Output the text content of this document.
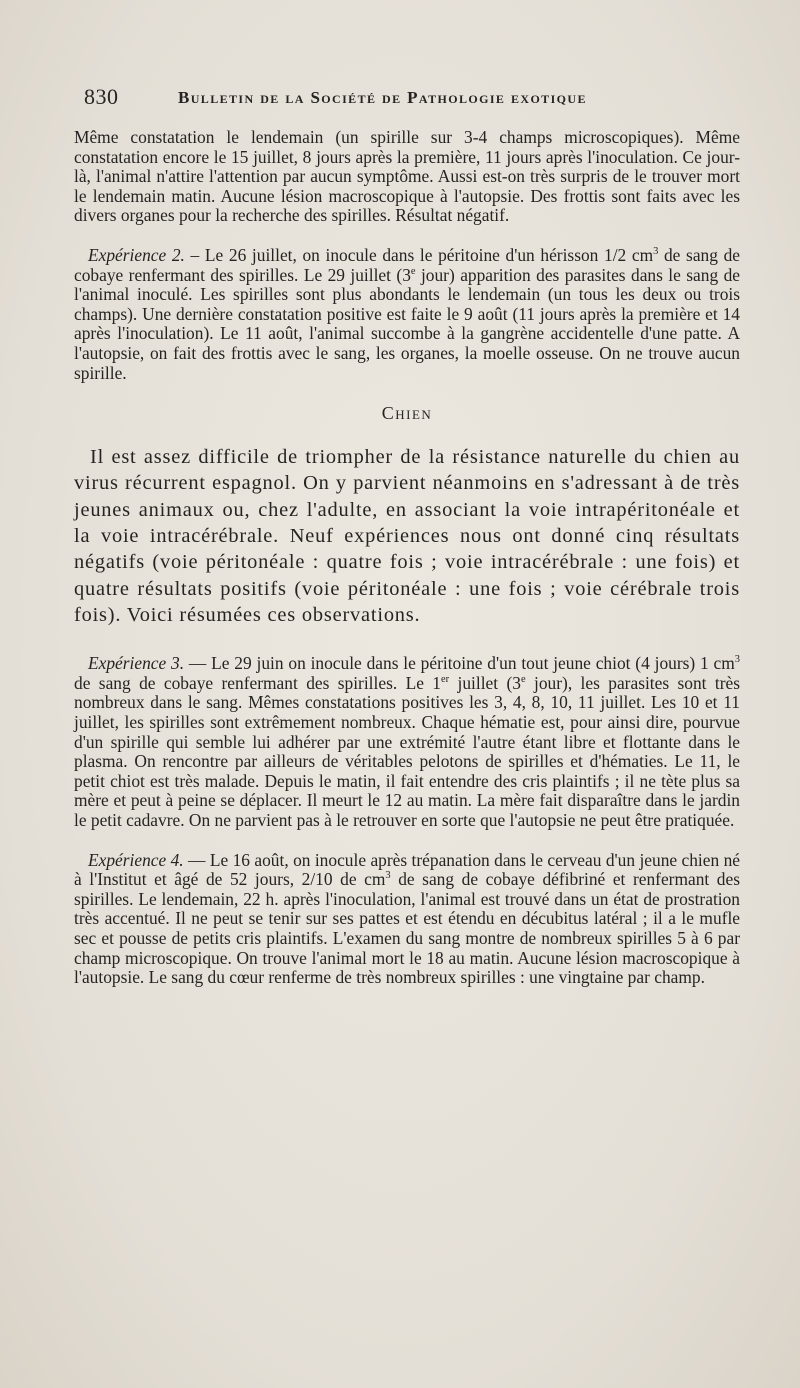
830	Bulletin de la Société de Pathologie exotique

Même constatation le lendemain (un spirille sur 3-4 champs microscopiques). Même constatation encore le 15 juillet, 8 jours après la première, 11 jours après l'inoculation. Ce jour-là, l'animal n'attire l'attention par aucun symptôme. Aussi est-on très surpris de le trouver mort le lendemain matin. Aucune lésion macroscopique à l'autopsie. Des frottis sont faits avec les divers organes pour la recherche des spirilles. Résultat négatif.

Expérience 2. – Le 26 juillet, on inocule dans le péritoine d'un hérisson 1/2 $cm^3$ de sang de cobaye renfermant des spirilles. Le 29 juillet (3e jour) apparition des parasites dans le sang de l'animal inoculé. Les spirilles sont plus abondants le lendemain (un tous les deux ou trois champs). Une dernière constatation positive est faite le 9 août (11 jours après la première et 14 après l'inoculation). Le 11 août, l'animal succombe à la gangrène accidentelle d'une patte. A l'autopsie, on fait des frottis avec le sang, les organes, la moelle osseuse. On ne trouve aucun spirille.

Chien

Il est assez difficile de triompher de la résistance naturelle du chien au virus récurrent espagnol. On y parvient néanmoins en s'adressant à de très jeunes animaux ou, chez l'adulte, en associant la voie intrapéritonéale et la voie intracérébrale. Neuf expériences nous ont donné cinq résultats négatifs (voie péritonéale : quatre fois ; voie intracérébrale : une fois) et quatre résultats positifs (voie péritonéale : une fois ; voie cérébrale trois fois). Voici résumées ces observations.

Expérience 3. — Le 29 juin on inocule dans le péritoine d'un tout jeune chiot (4 jours) 1 $cm^3$ de sang de cobaye renfermant des spirilles. Le 1er juillet (3e jour), les parasites sont très nombreux dans le sang. Mêmes constatations positives les 3, 4, 8, 10, 11 juillet. Les 10 et 11 juillet, les spirilles sont extrêmement nombreux. Chaque hématie est, pour ainsi dire, pourvue d'un spirille qui semble lui adhérer par une extrémité l'autre étant libre et flottante dans le plasma. On rencontre par ailleurs de véritables pelotons de spirilles et d'hématies. Le 11, le petit chiot est très malade. Depuis le matin, il fait entendre des cris plaintifs ; il ne tète plus sa mère et peut à peine se déplacer. Il meurt le 12 au matin. La mère fait disparaître dans le jardin le petit cadavre. On ne parvient pas à le retrouver en sorte que l'autopsie ne peut être pratiquée.

Expérience 4. — Le 16 août, on inocule après trépanation dans le cerveau d'un jeune chien né à l'Institut et âgé de 52 jours, 2/10 de $cm^3$ de sang de cobaye défibriné et renfermant des spirilles. Le lendemain, 22 h. après l'inoculation, l'animal est trouvé dans un état de prostration très accentué. Il ne peut se tenir sur ses pattes et est étendu en décubitus latéral ; il a le mufle sec et pousse de petits cris plaintifs. L'examen du sang montre de nombreux spirilles 5 à 6 par champ microscopique. On trouve l'animal mort le 18 au matin. Aucune lésion macroscopique à l'autopsie. Le sang du cœur renferme de très nombreux spirilles : une vingtaine par champ.
